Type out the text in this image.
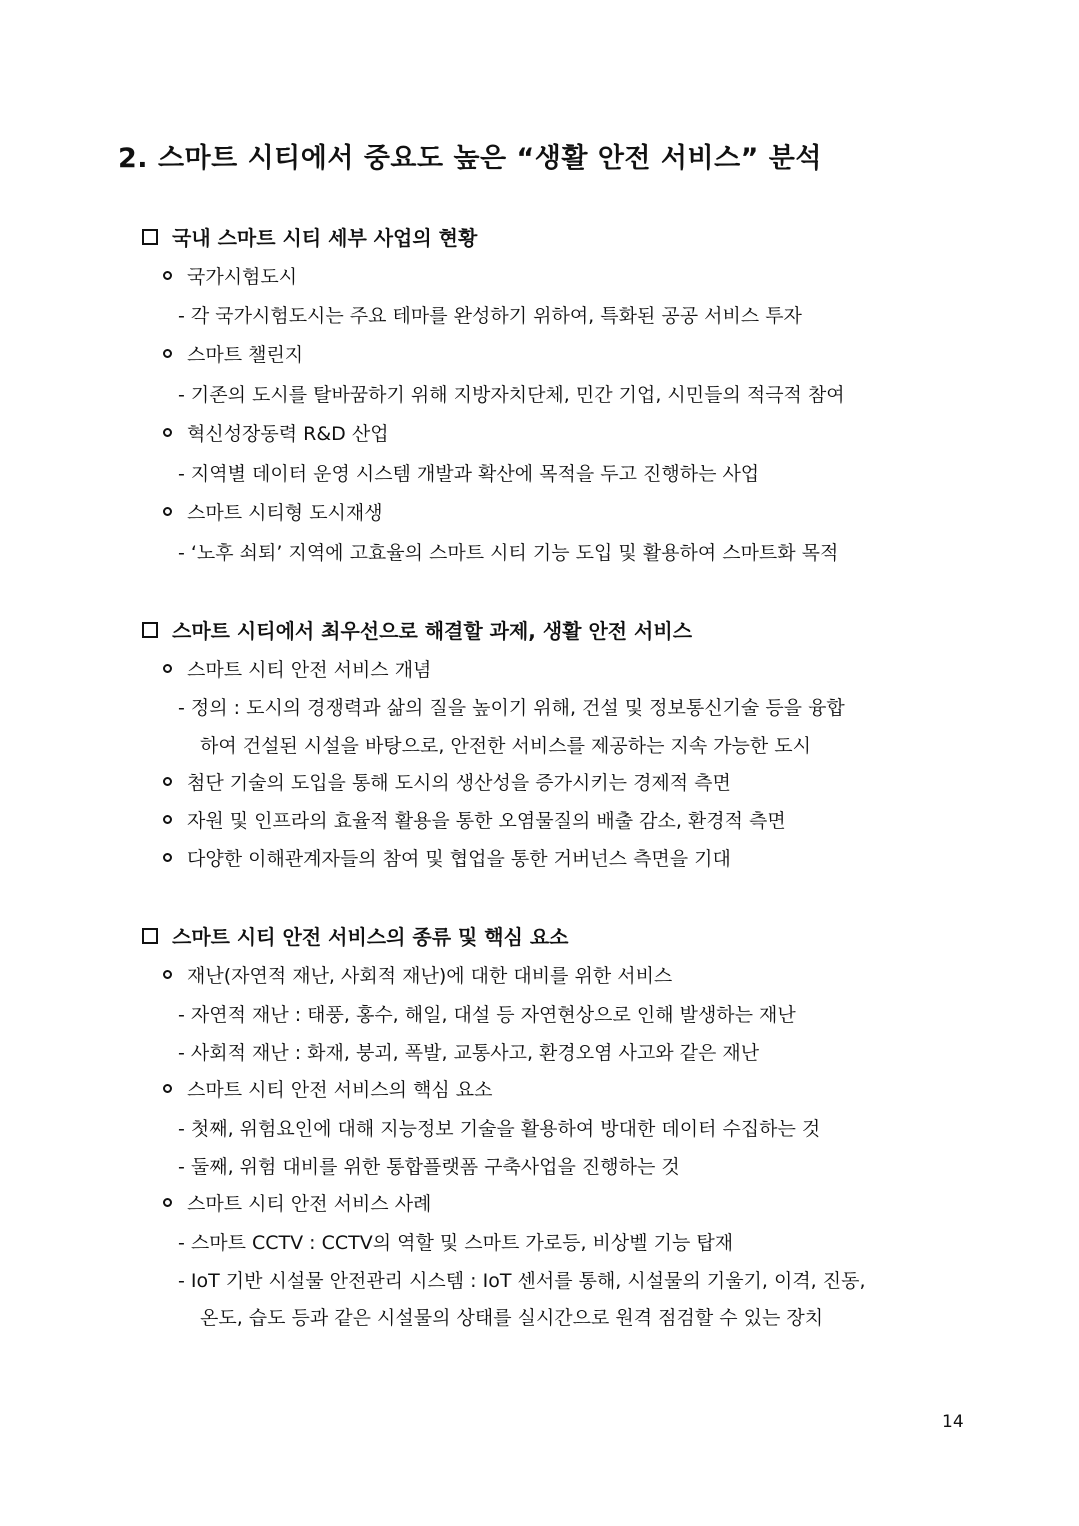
2. 스마트 시티에서 중요도 높은 “생활 안전 서비스” 분석
국내 스마트 시티 세부 사업의 현황
국가시험도시
- 각 국가시험도시는 주요 테마를 완성하기 위하여, 특화된 공공 서비스 투자
스마트 챌린지
- 기존의 도시를 탈바꿈하기 위해 지방자치단체, 민간 기업, 시민들의 적극적 참여
혁신성장동력 R&D 산업
- 지역별 데이터 운영 시스템 개발과 확산에 목적을 두고 진행하는 사업
스마트 시티형 도시재생
- ‘노후 쇠퇴’ 지역에 고효율의 스마트 시티 기능 도입 및 활용하여 스마트화 목적
스마트 시티에서 최우선으로 해결할 과제, 생활 안전 서비스
스마트 시티 안전 서비스 개념
- 정의 : 도시의 경쟁력과 삶의 질을 높이기 위해, 건설 및 정보통신기술 등을 융합
하여 건설된 시설을 바탕으로, 안전한 서비스를 제공하는 지속 가능한 도시
첨단 기술의 도입을 통해 도시의 생산성을 증가시키는 경제적 측면
자원 및 인프라의 효율적 활용을 통한 오염물질의 배출 감소, 환경적 측면
다양한 이해관계자들의 참여 및 협업을 통한 거버넌스 측면을 기대
스마트 시티 안전 서비스의 종류 및 핵심 요소
재난(자연적 재난, 사회적 재난)에 대한 대비를 위한 서비스
- 자연적 재난 : 태풍, 홍수, 해일, 대설 등 자연현상으로 인해 발생하는 재난
- 사회적 재난 : 화재, 붕괴, 폭발, 교통사고, 환경오염 사고와 같은 재난
스마트 시티 안전 서비스의 핵심 요소
- 첫째, 위험요인에 대해 지능정보 기술을 활용하여 방대한 데이터 수집하는 것
- 둘째, 위험 대비를 위한 통합플랫폼 구축사업을 진행하는 것
스마트 시티 안전 서비스 사례
- 스마트 CCTV : CCTV의 역할 및 스마트 가로등, 비상벨 기능 탑재
- IoT 기반 시설물 안전관리 시스템 : IoT 센서를 통해, 시설물의 기울기, 이격, 진동,
온도, 습도 등과 같은 시설물의 상태를 실시간으로 원격 점검할 수 있는 장치
14
